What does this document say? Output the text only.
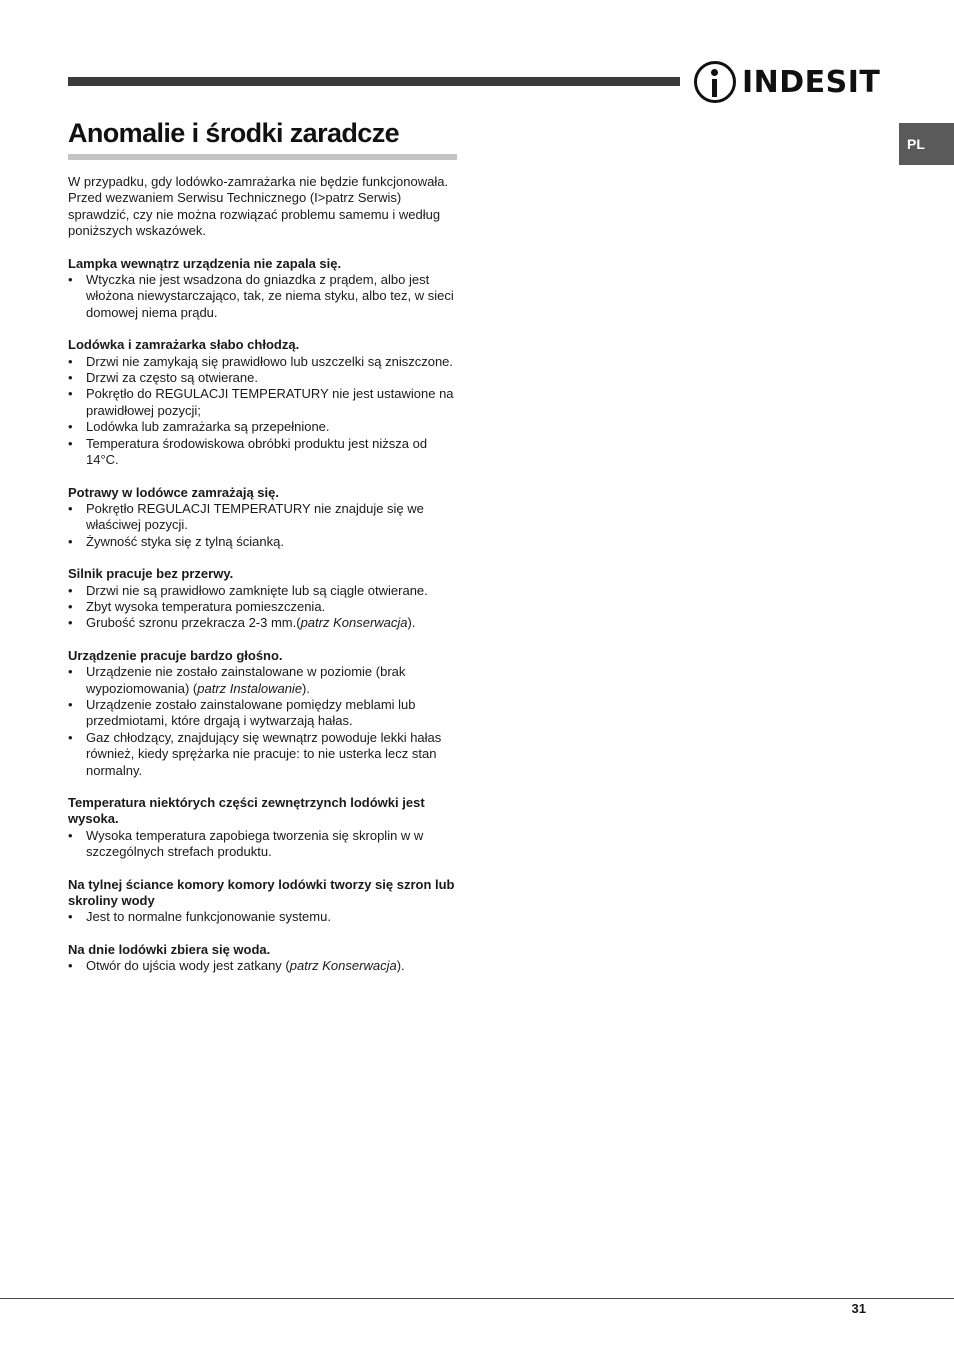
INDESIT
PL
Anomalie i środki zaradcze

W przypadku, gdy lodówko-zamrażarka nie będzie funkcjonowała. Przed wezwaniem Serwisu Technicznego (I>patrz Serwis) sprawdzić, czy nie można rozwiązać problemu samemu i według poniższych wskazówek.

Lampka wewnątrz urządzenia nie zapala się.

• Wtyczka nie jest wsadzona do gniazdka z prądem, albo jest włożona niewystarczająco, tak, ze niema styku, albo tez, w sieci domowej niema prądu.

Lodówka i zamrażarka słabo chłodzą.

• Drzwi nie zamykają się prawidłowo lub uszczelki są zniszczone.
• Drzwi za często są otwierane.
• Pokrętło do REGULACJI TEMPERATURY nie jest ustawione na prawidłowej pozycji;
• Lodówka lub zamrażarka są przepełnione.
• Temperatura środowiskowa obróbki produktu jest niższa od 14°C.

Potrawy w lodówce zamrażają się.

• Pokrętło REGULACJI TEMPERATURY nie znajduje się we właściwej pozycji.
• Żywność styka się z tylną ścianką.

Silnik pracuje bez przerwy.

• Drzwi nie są prawidłowo zamknięte lub są ciągle otwierane.
• Zbyt wysoka temperatura pomieszczenia.
• Grubość szronu przekracza 2-3 mm.(patrz Konserwacja).

Urządzenie pracuje bardzo głośno.

• Urządzenie nie zostało zainstalowane w poziomie (brak wypoziomowania) (patrz Instalowanie).
• Urządzenie zostało zainstalowane pomiędzy meblami lub przedmiotami, które drgają i wytwarzają hałas.
• Gaz chłodzący, znajdujący się wewnątrz powoduje lekki hałas również, kiedy sprężarka nie pracuje: to nie usterka lecz stan normalny.

Temperatura niektórych części zewnętrzynch lodówki jest wysoka.

• Wysoka temperatura zapobiega tworzenia się skroplin w w szczególnych strefach produktu.

Na tylnej ściance komory komory lodówki tworzy się szron lub skroliny wody

• Jest to normalne funkcjonowanie systemu.

Na dnie lodówki zbiera się woda.

• Otwór do ujścia wody jest zatkany (patrz Konserwacja).
31
